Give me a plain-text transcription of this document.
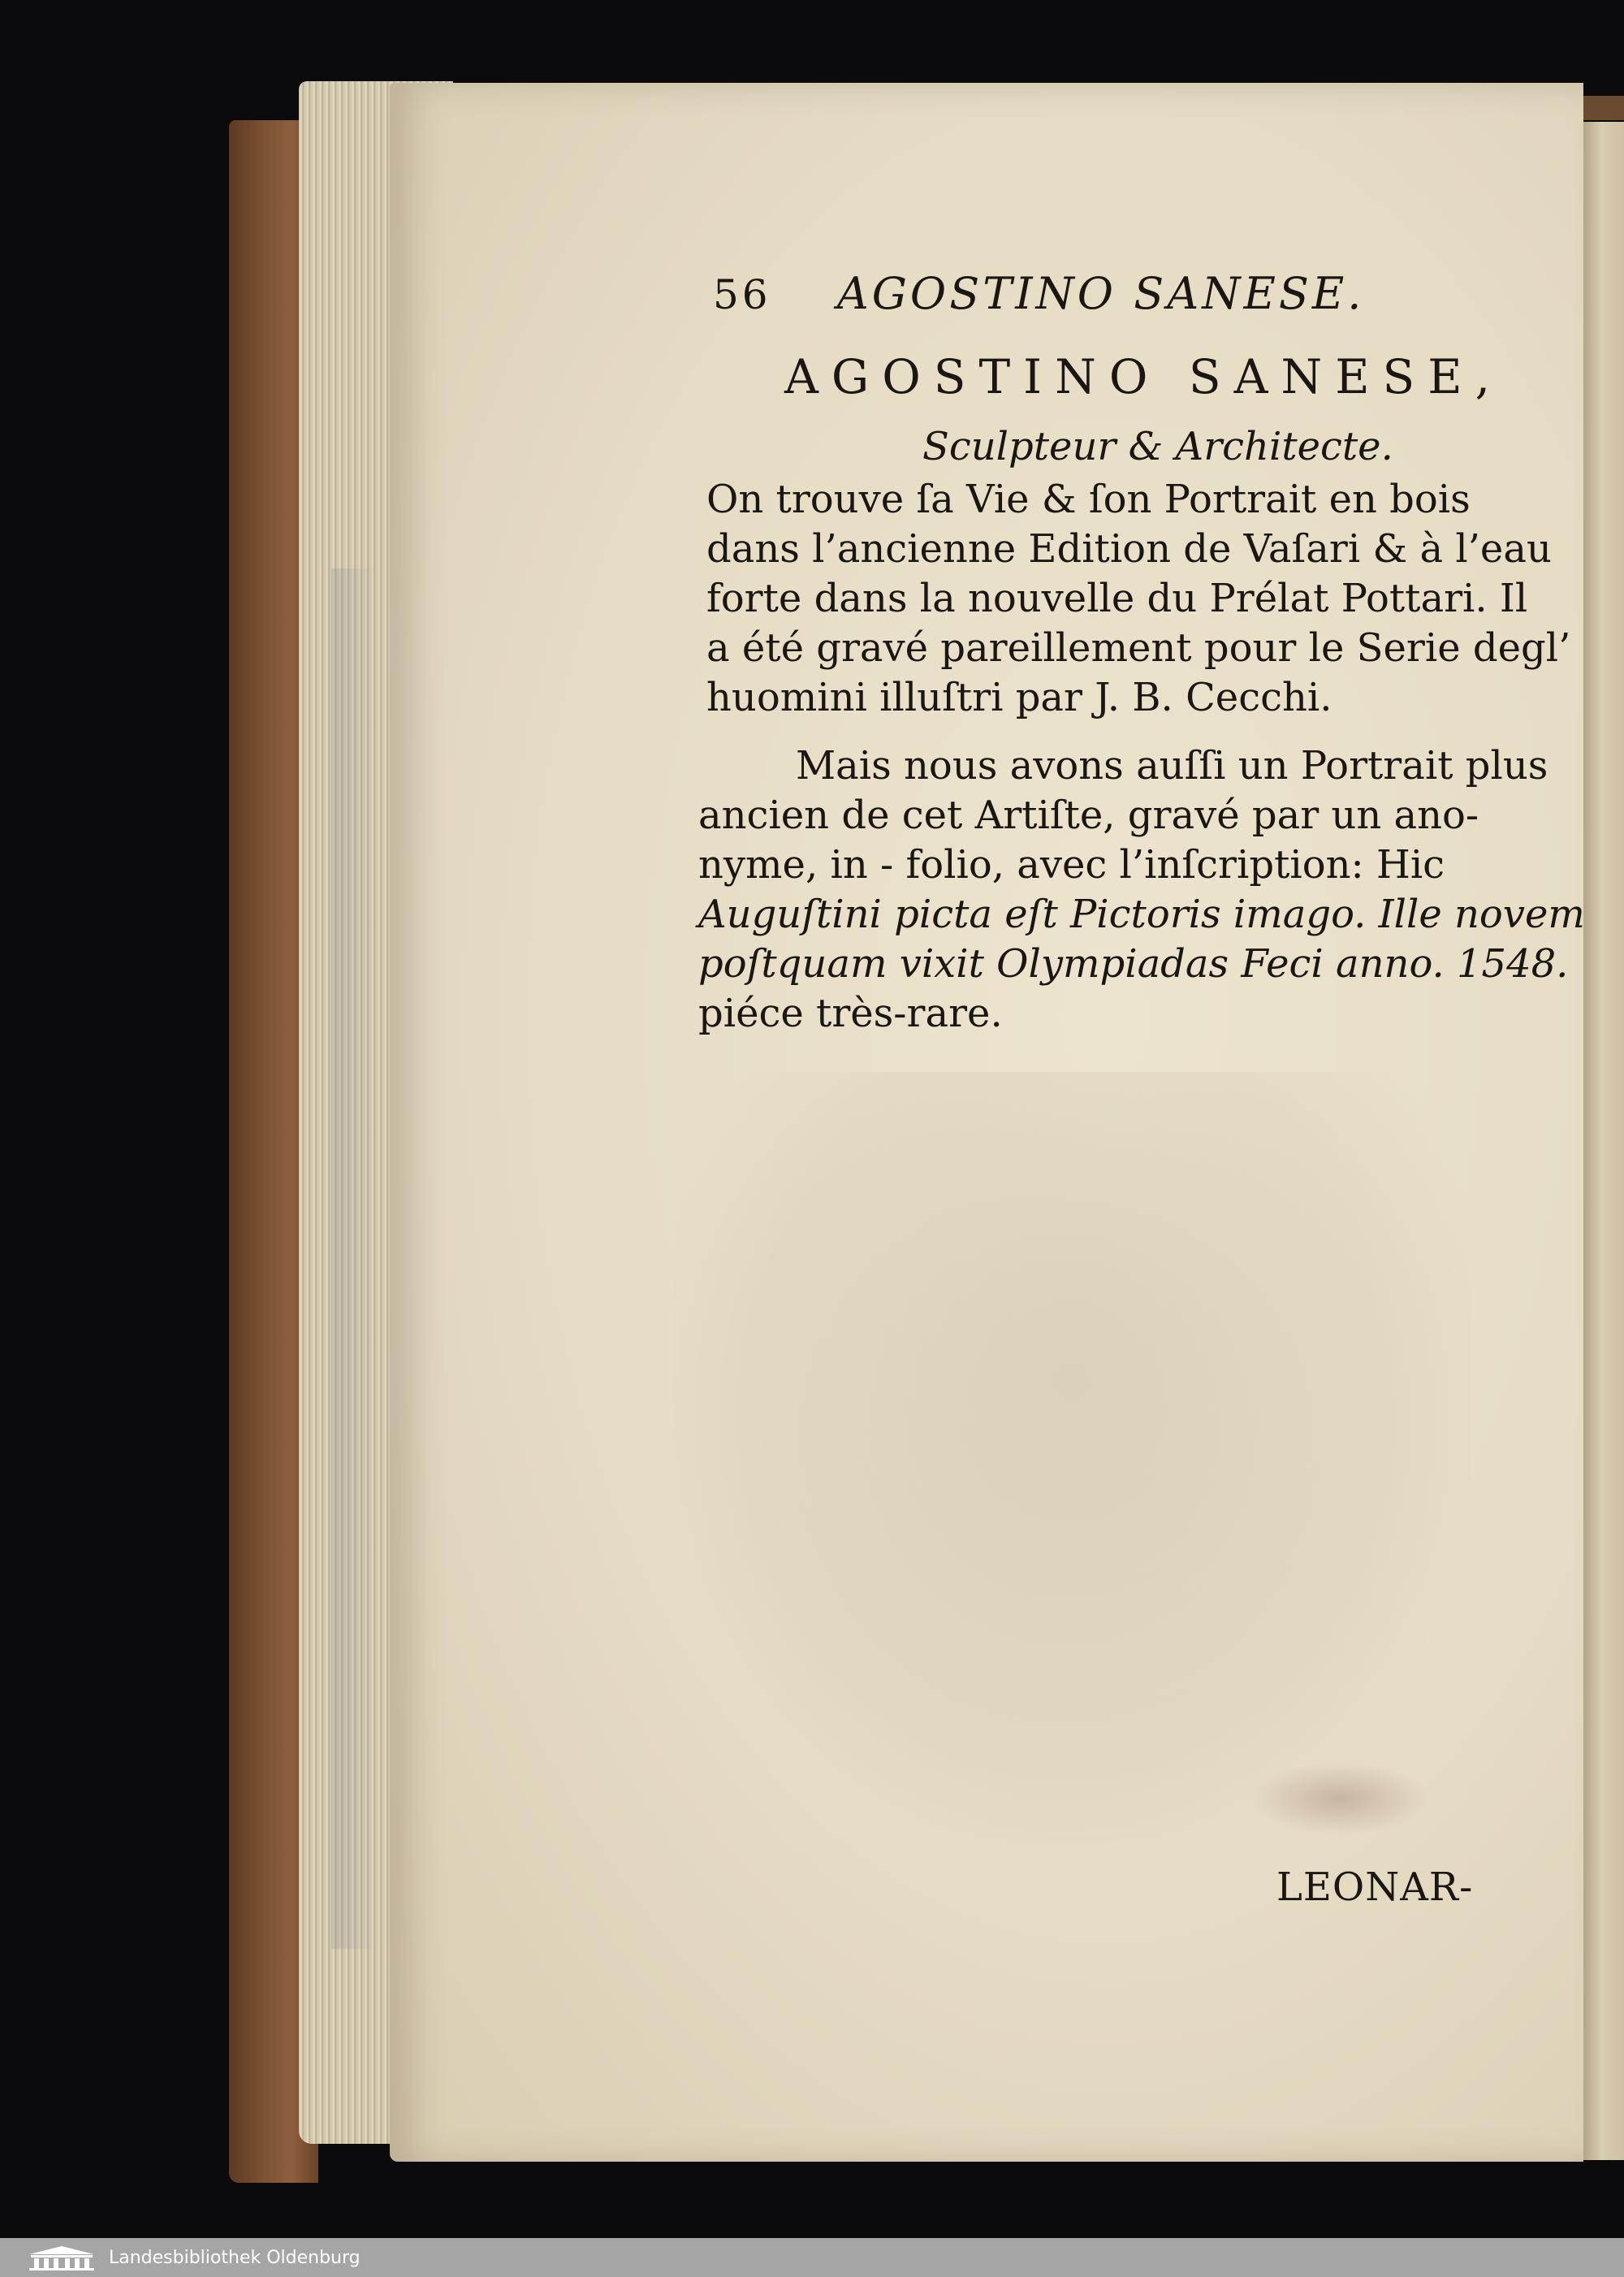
56 AGOSTINO SANESE.
AGOSTINO SANESE,
Sculpteur & Architecte.
On trouve ſa Vie & ſon Portrait en bois
dans l’ancienne Edition de Vaſari & à l’eau
forte dans la nouvelle du Prélat Pottari. Il
a été gravé pareillement pour le Serie degl’
huomini illuſtri par J. B. Cecchi.
Mais nous avons auſſi un Portrait plus
ancien de cet Artiſte, gravé par un ano-
nyme, in - folio, avec l’inſcription: Hic
Auguſtini picta eſt Pictoris imago. Ille novem
poſtquam vixit Olympiadas Feci anno. 1548.
piéce très-rare.
LEONAR-
Landesbibliothek Oldenburg
